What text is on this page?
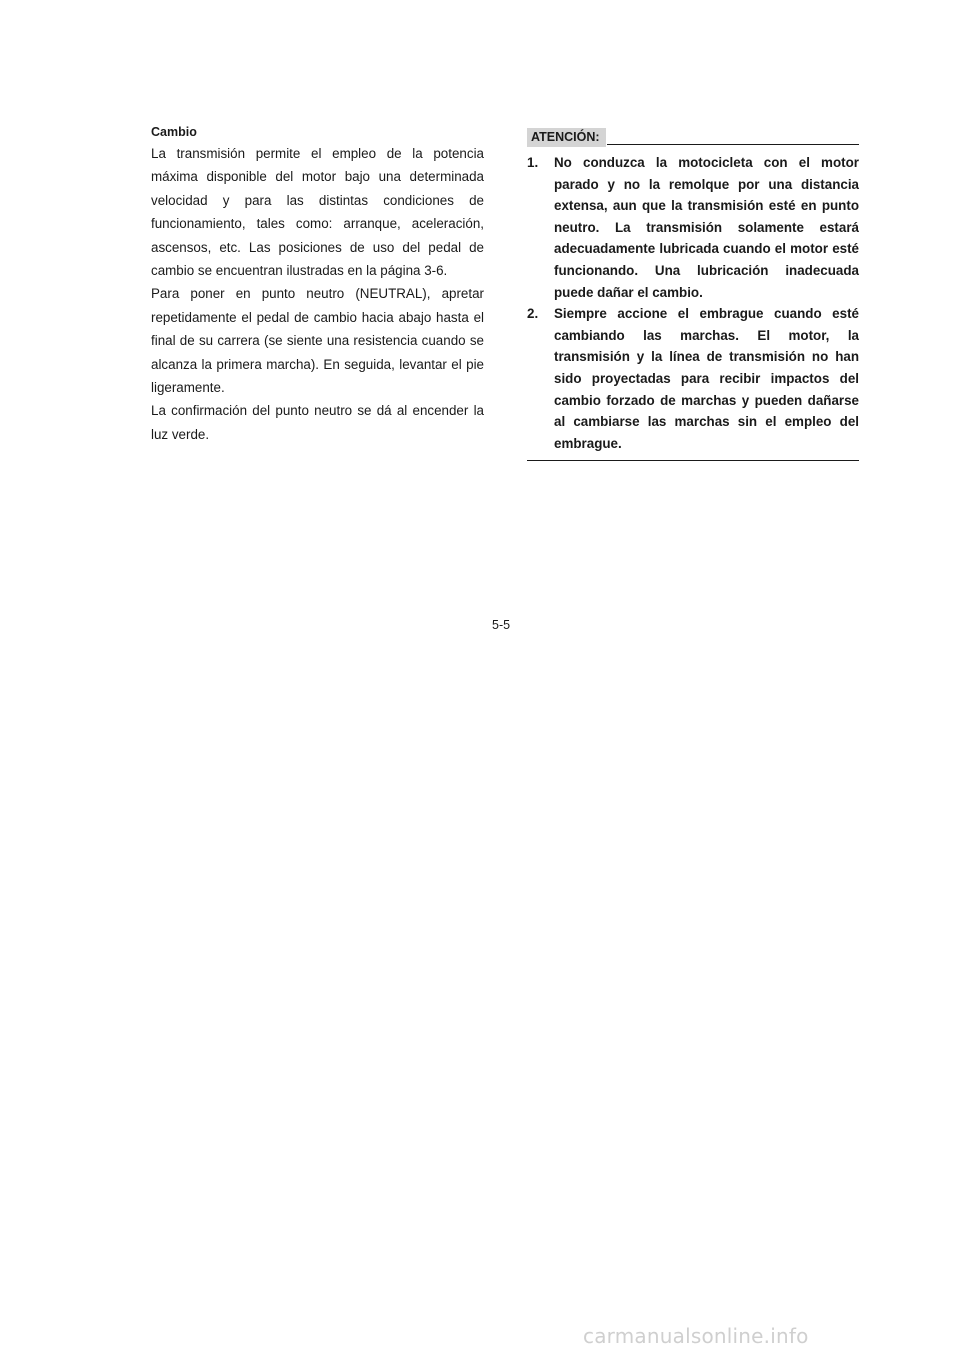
Cambio

La transmisión permite el empleo de la potencia máxima disponible del motor bajo una determinada velocidad y para las distintas condiciones de funcionamiento, tales como: arranque, aceleración, ascensos, etc. Las posiciones de uso del pedal de cambio se encuentran ilustradas en la página 3-6.

Para poner en punto neutro (NEUTRAL), apretar repetidamente el pedal de cambio hacia abajo hasta el final de su carrera (se siente una resistencia cuando se alcanza la primera marcha). En seguida, levantar el pie ligeramente.

La confirmación del punto neutro se dá al encender la luz verde.

ATENCIÓN:
1. No conduzca la motocicleta con el motor parado y no la remolque por una distancia extensa, aun que la transmisión esté en punto neutro. La transmisión solamente estará adecuadamente lubricada cuando el motor esté funcionando. Una lubricación inadecuada puede dañar el cambio.
2. Siempre accione el embrague cuando esté cambiando las marchas. El motor, la transmisión y la línea de transmisión no han sido proyectadas para recibir impactos del cambio forzado de marchas y pueden dañarse al cambiarse las marchas sin el empleo del embrague.
5-5
carmanualsonline.info
